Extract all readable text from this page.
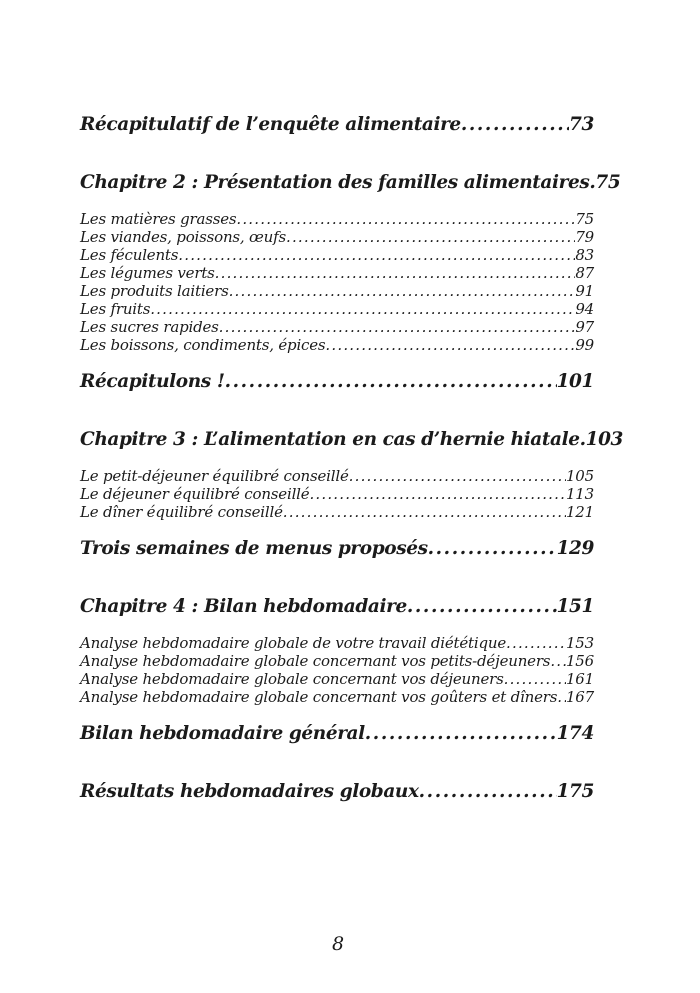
Récapitulatif de l’enquête alimentaire .....	73
Chapitre 2 : Présentation des familles alimentaires ..... 75
Les matières grasses .....	75
Les viandes, poissons, œufs .....	79
Les féculents .....	83
Les légumes verts .....	87
Les produits laitiers .....	91
Les fruits .....	94
Les sucres rapides .....	97
Les boissons, condiments, épices .....	99
Récapitulons ! .....	101
Chapitre 3 : L’alimentation en cas d’hernie hiatale ..... 103
Le petit-déjeuner équilibré conseillé .....	105
Le déjeuner équilibré conseillé .....	113
Le dîner équilibré conseillé .....	121
Trois semaines de menus proposés .....	129
Chapitre 4 : Bilan hebdomadaire .....	151
Analyse hebdomadaire globale de votre travail diététique .....	153
Analyse hebdomadaire globale concernant vos petits-déjeuners ..... 156
Analyse hebdomadaire globale concernant vos déjeuners .....	161
Analyse hebdomadaire globale concernant vos goûters et dîners ..... 167
Bilan hebdomadaire général .....	174
Résultats hebdomadaires globaux .....	175
8
